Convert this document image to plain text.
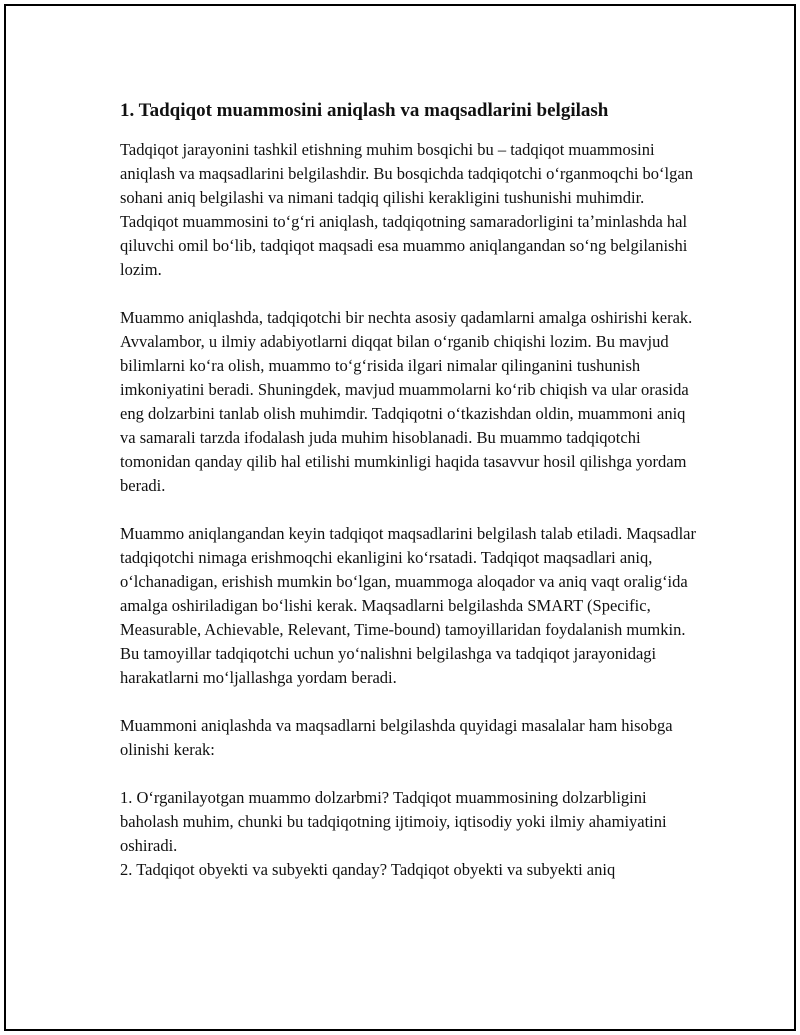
1. Tadqiqot muammosini aniqlash va maqsadlarini belgilash

Tadqiqot jarayonini tashkil etishning muhim bosqichi bu – tadqiqot muammosini aniqlash va maqsadlarini belgilashdir. Bu bosqichda tadqiqotchi oʻrganmoqchi boʻlgan sohani aniq belgilashi va nimani tadqiq qilishi kerakligini tushunishi muhimdir. Tadqiqot muammosini toʻgʻri aniqlash, tadqiqotning samaradorligini taʼminlashda hal qiluvchi omil boʻlib, tadqiqot maqsadi esa muammo aniqlangandan soʻng belgilanishi lozim.

Muammo aniqlashda, tadqiqotchi bir nechta asosiy qadamlarni amalga oshirishi kerak. Avvalambor, u ilmiy adabiyotlarni diqqat bilan oʻrganib chiqishi lozim. Bu mavjud bilimlarni koʻra olish, muammo toʻgʻrisida ilgari nimalar qilinganini tushunish imkoniyatini beradi. Shuningdek, mavjud muammolarni koʻrib chiqish va ular orasida eng dolzarbini tanlab olish muhimdir. Tadqiqotni oʻtkazishdan oldin, muammoni aniq va samarali tarzda ifodalash juda muhim hisoblanadi. Bu muammo tadqiqotchi tomonidan qanday qilib hal etilishi mumkinligi haqida tasavvur hosil qilishga yordam beradi.

Muammo aniqlangandan keyin tadqiqot maqsadlarini belgilash talab etiladi. Maqsadlar tadqiqotchi nimaga erishmoqchi ekanligini koʻrsatadi. Tadqiqot maqsadlari aniq, oʻlchanadigan, erishish mumkin boʻlgan, muammoga aloqador va aniq vaqt oraligʻida amalga oshiriladigan boʻlishi kerak. Maqsadlarni belgilashda SMART (Specific, Measurable, Achievable, Relevant, Time-bound) tamoyillaridan foydalanish mumkin. Bu tamoyillar tadqiqotchi uchun yoʻnalishni belgilashga va tadqiqot jarayonidagi harakatlarni moʻljallashga yordam beradi.

Muammoni aniqlashda va maqsadlarni belgilashda quyidagi masalalar ham hisobga olinishi kerak:

1. Oʻrganilayotgan muammo dolzarbmi? Tadqiqot muammosining dolzarbligini baholash muhim, chunki bu tadqiqotning ijtimoiy, iqtisodiy yoki ilmiy ahamiyatini oshiradi.
2. Tadqiqot obyekti va subyekti qanday? Tadqiqot obyekti va subyekti aniq
